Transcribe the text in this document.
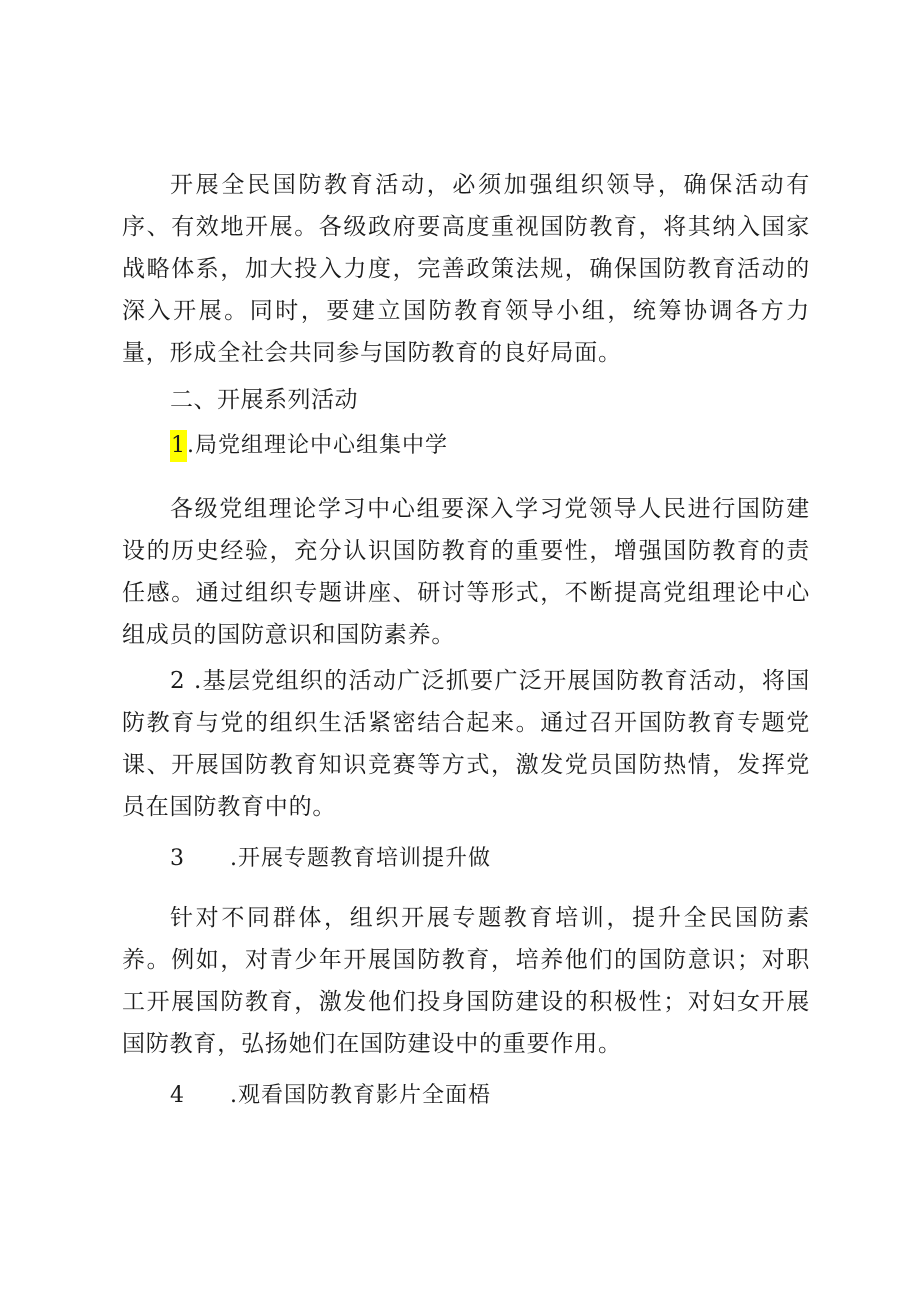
开展全民国防教育活动，必须加强组织领导，确保活动有序、有效地开展。各级政府要高度重视国防教育，将其纳入国家战略体系，加大投入力度，完善政策法规，确保国防教育活动的深入开展。同时，要建立国防教育领导小组，统筹协调各方力量，形成全社会共同参与国防教育的良好局面。

二、开展系列活动
1.局党组理论中心组集中学

各级党组理论学习中心组要深入学习党领导人民进行国防建设的历史经验，充分认识国防教育的重要性，增强国防教育的责任感。通过组织专题讲座、研讨等形式，不断提高党组理论中心组成员的国防意识和国防素养。

2 .基层党组织的活动广泛抓要广泛开展国防教育活动，将国防教育与党的组织生活紧密结合起来。通过召开国防教育专题党课、开展国防教育知识竞赛等方式，激发党员国防热情，发挥党员在国防教育中的。

3 .开展专题教育培训提升做

针对不同群体，组织开展专题教育培训，提升全民国防素养。例如，对青少年开展国防教育，培养他们的国防意识；对职工开展国防教育，激发他们投身国防建设的积极性；对妇女开展国防教育，弘扬她们在国防建设中的重要作用。

4 .观看国防教育影片全面梧
